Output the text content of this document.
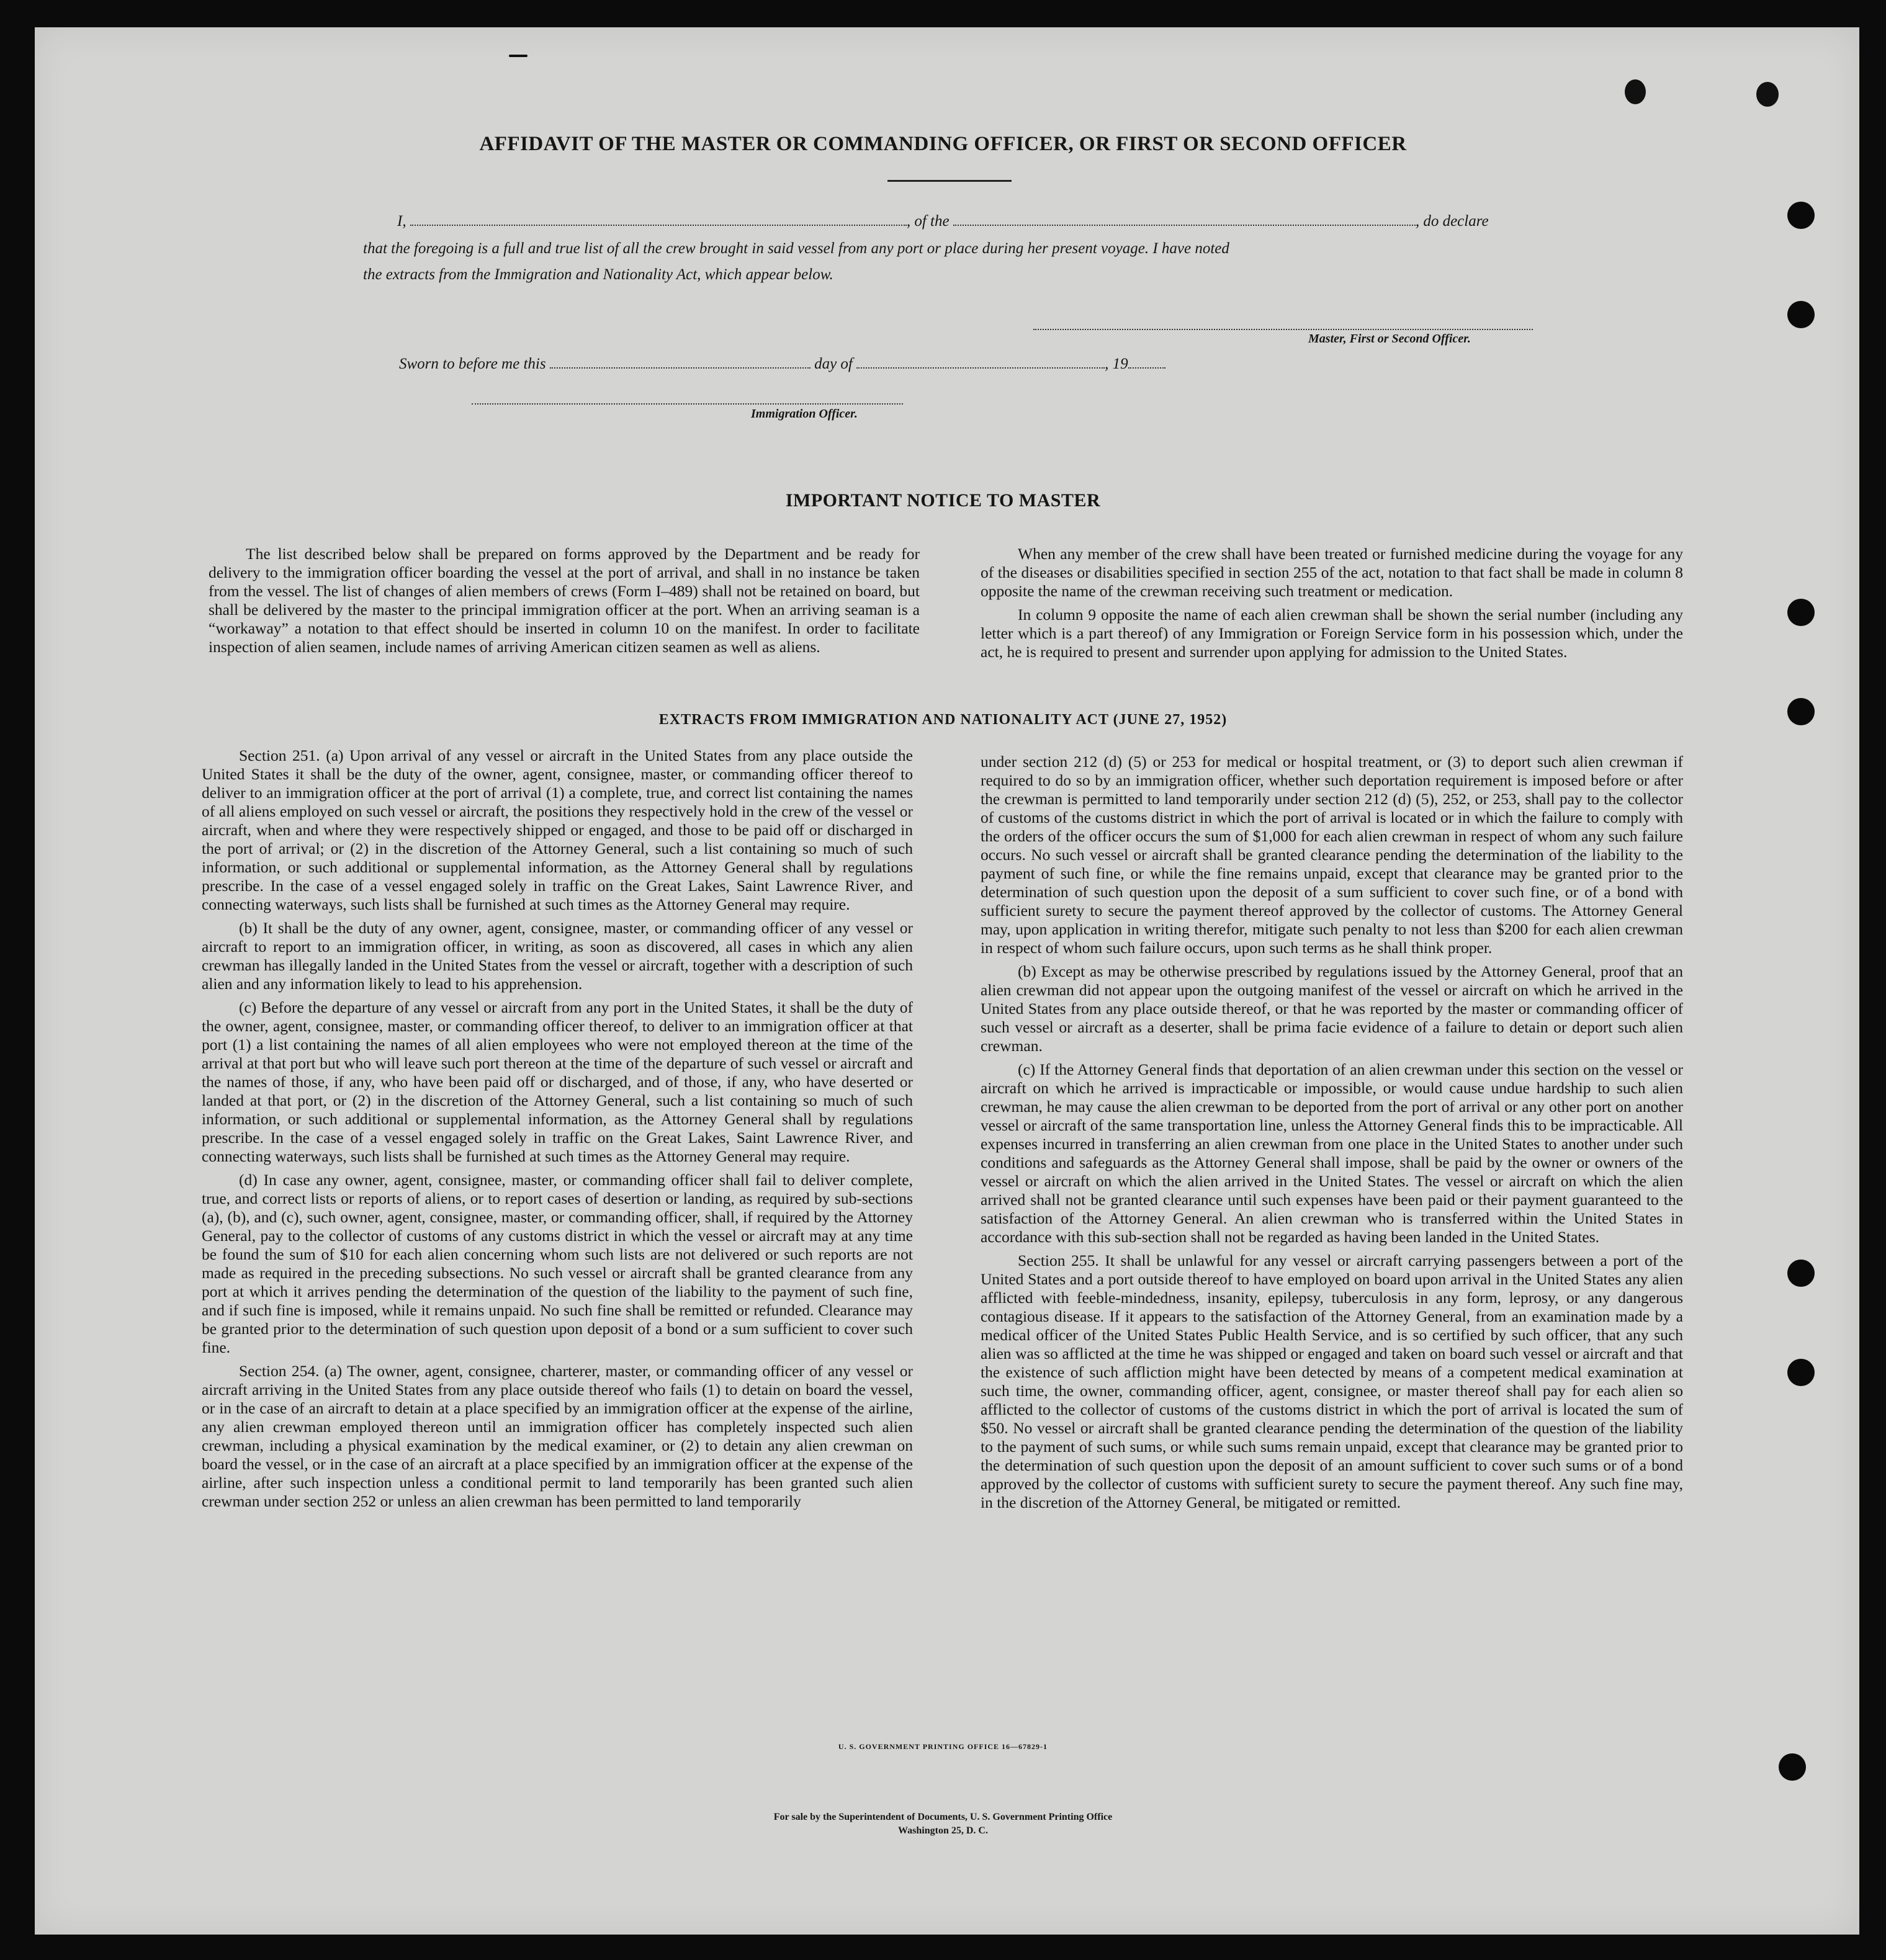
AFFIDAVIT OF THE MASTER OR COMMANDING OFFICER, OR FIRST OR SECOND OFFICER
I,	, of the	, do declare
that the foregoing is a full and true list of all the crew brought in said vessel from any port or place during her present voyage. I have noted
the extracts from the Immigration and Nationality Act, which appear below.
Master, First or Second Officer.
Sworn to before me this	day of	, 19
Immigration Officer.
IMPORTANT NOTICE TO MASTER

The list described below shall be prepared on forms approved by the Department and be ready for delivery to the immigration officer boarding the vessel at the port of arrival, and shall in no instance be taken from the vessel. The list of changes of alien members of crews (Form I–489) shall not be retained on board, but shall be delivered by the master to the principal immigration officer at the port. When an arriving seaman is a “workaway” a notation to that effect should be inserted in column 10 on the manifest. In order to facilitate inspection of alien seamen, include names of arriving American citizen seamen as well as aliens.

When any member of the crew shall have been treated or furnished medicine during the voyage for any of the diseases or disabilities specified in section 255 of the act, notation to that fact shall be made in column 8 opposite the name of the crewman receiving such treatment or medication.

In column 9 opposite the name of each alien crewman shall be shown the serial number (including any letter which is a part thereof) of any Immigration or Foreign Service form in his possession which, under the act, he is required to present and surrender upon applying for admission to the United States.

EXTRACTS FROM IMMIGRATION AND NATIONALITY ACT (JUNE 27, 1952)

Section 251. (a) Upon arrival of any vessel or aircraft in the United States from any place outside the United States it shall be the duty of the owner, agent, consignee, master, or commanding officer thereof to deliver to an immigration officer at the port of arrival (1) a complete, true, and correct list containing the names of all aliens employed on such vessel or aircraft, the positions they respectively hold in the crew of the vessel or aircraft, when and where they were respectively shipped or engaged, and those to be paid off or discharged in the port of arrival; or (2) in the discretion of the Attorney General, such a list containing so much of such information, or such additional or supplemental information, as the Attorney General shall by regulations prescribe. In the case of a vessel engaged solely in traffic on the Great Lakes, Saint Lawrence River, and connecting waterways, such lists shall be furnished at such times as the Attorney General may require.

(b) It shall be the duty of any owner, agent, consignee, master, or commanding officer of any vessel or aircraft to report to an immigration officer, in writing, as soon as discovered, all cases in which any alien crewman has illegally landed in the United States from the vessel or aircraft, together with a description of such alien and any information likely to lead to his apprehension.

(c) Before the departure of any vessel or aircraft from any port in the United States, it shall be the duty of the owner, agent, consignee, master, or commanding officer thereof, to deliver to an immigration officer at that port (1) a list containing the names of all alien employees who were not employed thereon at the time of the arrival at that port but who will leave such port thereon at the time of the departure of such vessel or aircraft and the names of those, if any, who have been paid off or discharged, and of those, if any, who have deserted or landed at that port, or (2) in the discretion of the Attorney General, such a list containing so much of such information, or such additional or supplemental information, as the Attorney General shall by regulations prescribe. In the case of a vessel engaged solely in traffic on the Great Lakes, Saint Lawrence River, and connecting waterways, such lists shall be furnished at such times as the Attorney General may require.

(d) In case any owner, agent, consignee, master, or commanding officer shall fail to deliver complete, true, and correct lists or reports of aliens, or to report cases of desertion or landing, as required by sub-sections (a), (b), and (c), such owner, agent, consignee, master, or commanding officer, shall, if required by the Attorney General, pay to the collector of customs of any customs district in which the vessel or aircraft may at any time be found the sum of $10 for each alien concerning whom such lists are not delivered or such reports are not made as required in the preceding subsections. No such vessel or aircraft shall be granted clearance from any port at which it arrives pending the determination of the question of the liability to the payment of such fine, and if such fine is imposed, while it remains unpaid. No such fine shall be remitted or refunded. Clearance may be granted prior to the determination of such question upon deposit of a bond or a sum sufficient to cover such fine.

Section 254. (a) The owner, agent, consignee, charterer, master, or commanding officer of any vessel or aircraft arriving in the United States from any place outside thereof who fails (1) to detain on board the vessel, or in the case of an aircraft to detain at a place specified by an immigration officer at the expense of the airline, any alien crewman employed thereon until an immigration officer has completely inspected such alien crewman, including a physical examination by the medical examiner, or (2) to detain any alien crewman on board the vessel, or in the case of an aircraft at a place specified by an immigration officer at the expense of the airline, after such inspection unless a conditional permit to land temporarily has been granted such alien crewman under section 252 or unless an alien crewman has been permitted to land temporarily

under section 212 (d) (5) or 253 for medical or hospital treatment, or (3) to deport such alien crewman if required to do so by an immigration officer, whether such deportation requirement is imposed before or after the crewman is permitted to land temporarily under section 212 (d) (5), 252, or 253, shall pay to the collector of customs of the customs district in which the port of arrival is located or in which the failure to comply with the orders of the officer occurs the sum of $1,000 for each alien crewman in respect of whom any such failure occurs. No such vessel or aircraft shall be granted clearance pending the determination of the liability to the payment of such fine, or while the fine remains unpaid, except that clearance may be granted prior to the determination of such question upon the deposit of a sum sufficient to cover such fine, or of a bond with sufficient surety to secure the payment thereof approved by the collector of customs. The Attorney General may, upon application in writing therefor, mitigate such penalty to not less than $200 for each alien crewman in respect of whom such failure occurs, upon such terms as he shall think proper.

(b) Except as may be otherwise prescribed by regulations issued by the Attorney General, proof that an alien crewman did not appear upon the outgoing manifest of the vessel or aircraft on which he arrived in the United States from any place outside thereof, or that he was reported by the master or commanding officer of such vessel or aircraft as a deserter, shall be prima facie evidence of a failure to detain or deport such alien crewman.

(c) If the Attorney General finds that deportation of an alien crewman under this section on the vessel or aircraft on which he arrived is impracticable or impossible, or would cause undue hardship to such alien crewman, he may cause the alien crewman to be deported from the port of arrival or any other port on another vessel or aircraft of the same transportation line, unless the Attorney General finds this to be impracticable. All expenses incurred in transferring an alien crewman from one place in the United States to another under such conditions and safeguards as the Attorney General shall impose, shall be paid by the owner or owners of the vessel or aircraft on which the alien arrived in the United States. The vessel or aircraft on which the alien arrived shall not be granted clearance until such expenses have been paid or their payment guaranteed to the satisfaction of the Attorney General. An alien crewman who is transferred within the United States in accordance with this sub-section shall not be regarded as having been landed in the United States.

Section 255. It shall be unlawful for any vessel or aircraft carrying passengers between a port of the United States and a port outside thereof to have employed on board upon arrival in the United States any alien afflicted with feeble-mindedness, insanity, epilepsy, tuberculosis in any form, leprosy, or any dangerous contagious disease. If it appears to the satisfaction of the Attorney General, from an examination made by a medical officer of the United States Public Health Service, and is so certified by such officer, that any such alien was so afflicted at the time he was shipped or engaged and taken on board such vessel or aircraft and that the existence of such affliction might have been detected by means of a competent medical examination at such time, the owner, commanding officer, agent, consignee, or master thereof shall pay for each alien so afflicted to the collector of customs of the customs district in which the port of arrival is located the sum of $50. No vessel or aircraft shall be granted clearance pending the determination of the question of the liability to the payment of such sums, or while such sums remain unpaid, except that clearance may be granted prior to the determination of such question upon the deposit of an amount sufficient to cover such sums or of a bond approved by the collector of customs with sufficient surety to secure the payment thereof. Any such fine may, in the discretion of the Attorney General, be mitigated or remitted.

U. S. GOVERNMENT PRINTING OFFICE 16—67829-1
For sale by the Superintendent of Documents, U. S. Government Printing Office
Washington 25, D. C.
